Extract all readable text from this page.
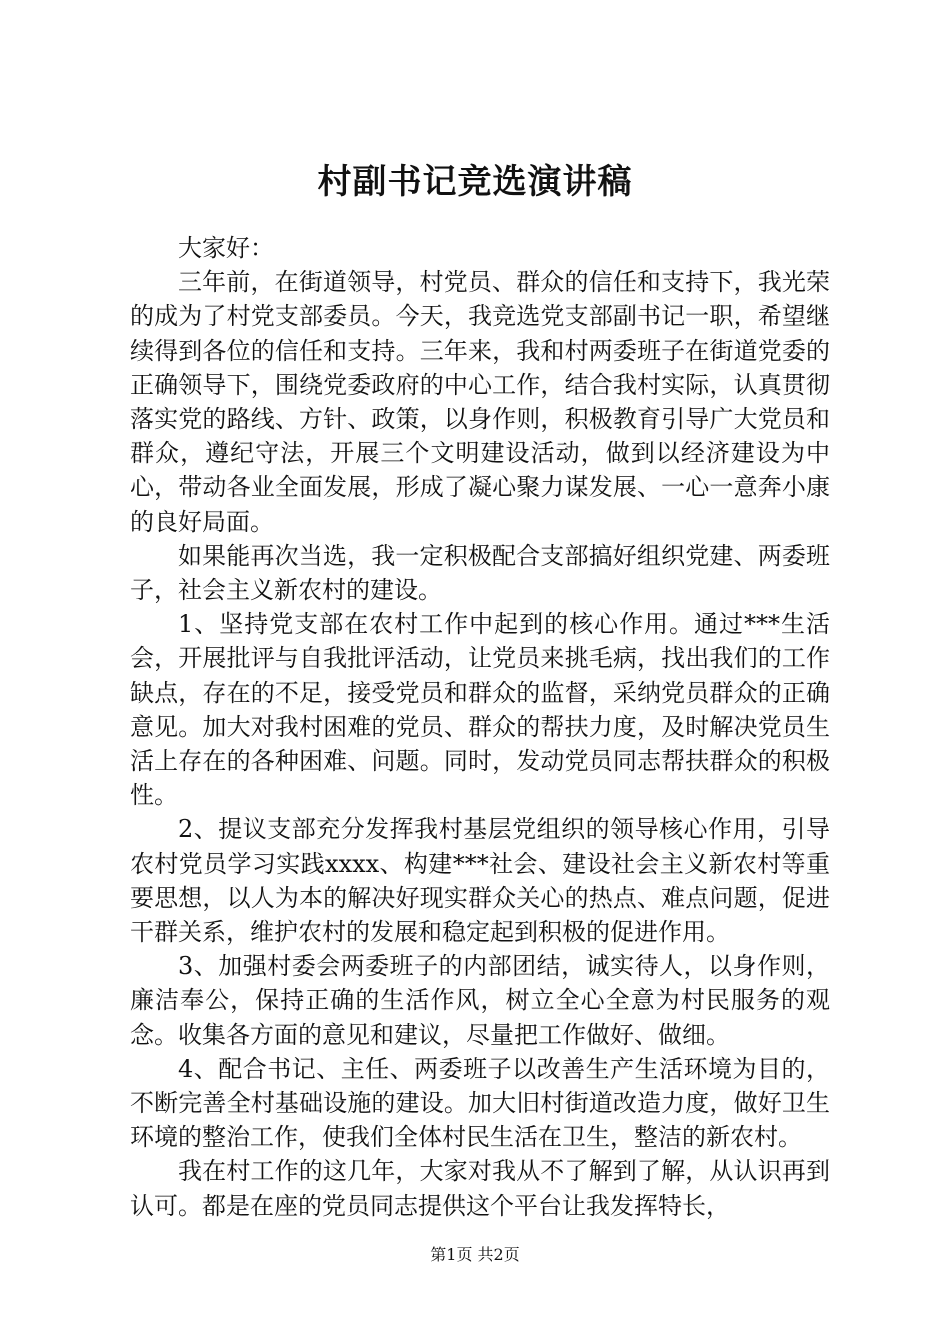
村副书记竞选演讲稿

大家好：

三年前，在街道领导，村党员、群众的信任和支持下，我光荣的成为了村党支部委员。今天，我竞选党支部副书记一职，希望继续得到各位的信任和支持。三年来，我和村两委班子在街道党委的正确领导下，围绕党委政府的中心工作，结合我村实际，认真贯彻落实党的路线、方针、政策，以身作则，积极教育引导广大党员和群众，遵纪守法，开展三个文明建设活动，做到以经济建设为中心，带动各业全面发展，形成了凝心聚力谋发展、一心一意奔小康的良好局面。

如果能再次当选，我一定积极配合支部搞好组织党建、两委班子，社会主义新农村的建设。

1、坚持党支部在农村工作中起到的核心作用。通过***生活会，开展批评与自我批评活动，让党员来挑毛病，找出我们的工作缺点，存在的不足，接受党员和群众的监督，采纳党员群众的正确意见。加大对我村困难的党员、群众的帮扶力度，及时解决党员生活上存在的各种困难、问题。同时，发动党员同志帮扶群众的积极性。

2、提议支部充分发挥我村基层党组织的领导核心作用，引导农村党员学习实践xxxx、构建***社会、建设社会主义新农村等重要思想，以人为本的解决好现实群众关心的热点、难点问题，促进干群关系，维护农村的发展和稳定起到积极的促进作用。

3、加强村委会两委班子的内部团结，诚实待人，以身作则，廉洁奉公，保持正确的生活作风，树立全心全意为村民服务的观念。收集各方面的意见和建议，尽量把工作做好、做细。

4、配合书记、主任、两委班子以改善生产生活环境为目的，不断完善全村基础设施的建设。加大旧村街道改造力度，做好卫生环境的整治工作，使我们全体村民生活在卫生，整洁的新农村。

我在村工作的这几年，大家对我从不了解到了解，从认识再到认可。都是在座的党员同志提供这个平台让我发挥特长，

第1页 共2页
